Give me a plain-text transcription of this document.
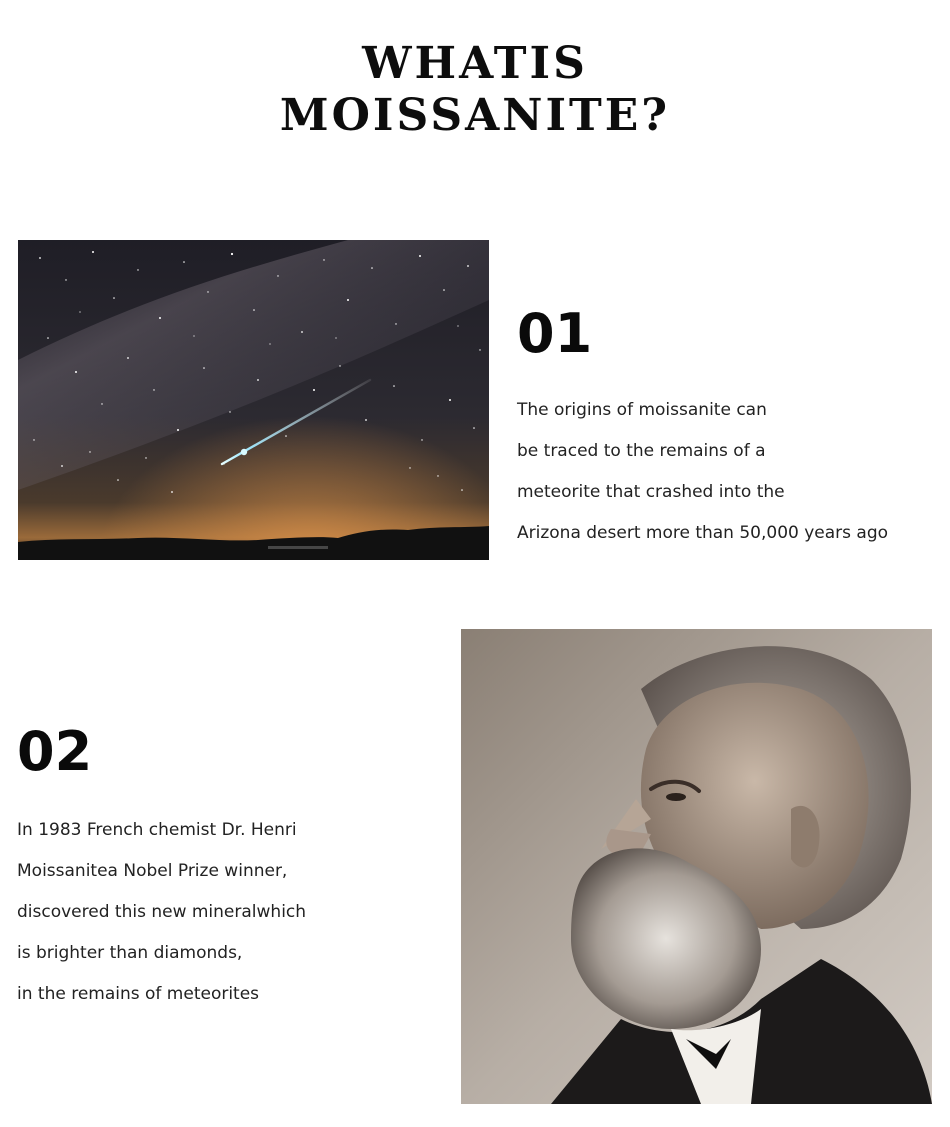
WHATIS
MOISSANITE?
01
The origins of moissanite can
be traced to the remains of a
meteorite that crashed into the
Arizona desert more than 50,000 years ago
02
In 1983 French chemist Dr. Henri
Moissanitea Nobel Prize winner,
discovered this new mineralwhich
is brighter than diamonds,
in the remains of meteorites
